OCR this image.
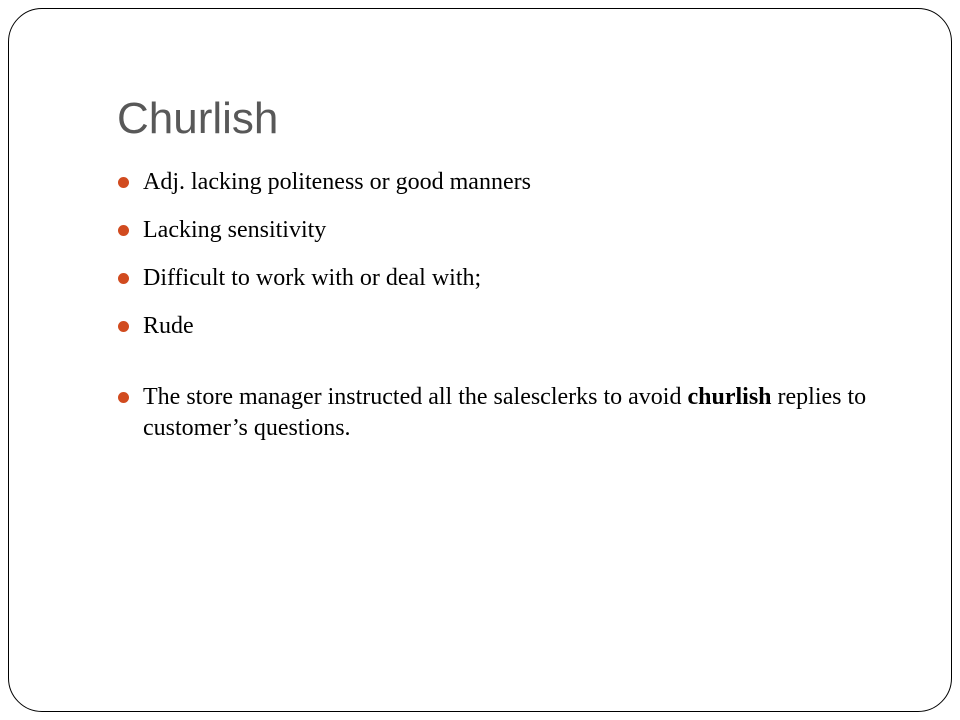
Churlish
Adj. lacking politeness or good manners
Lacking sensitivity
Difficult to work with or deal with;
Rude
The store manager instructed all the salesclerks to avoid churlish replies to customer’s questions.
